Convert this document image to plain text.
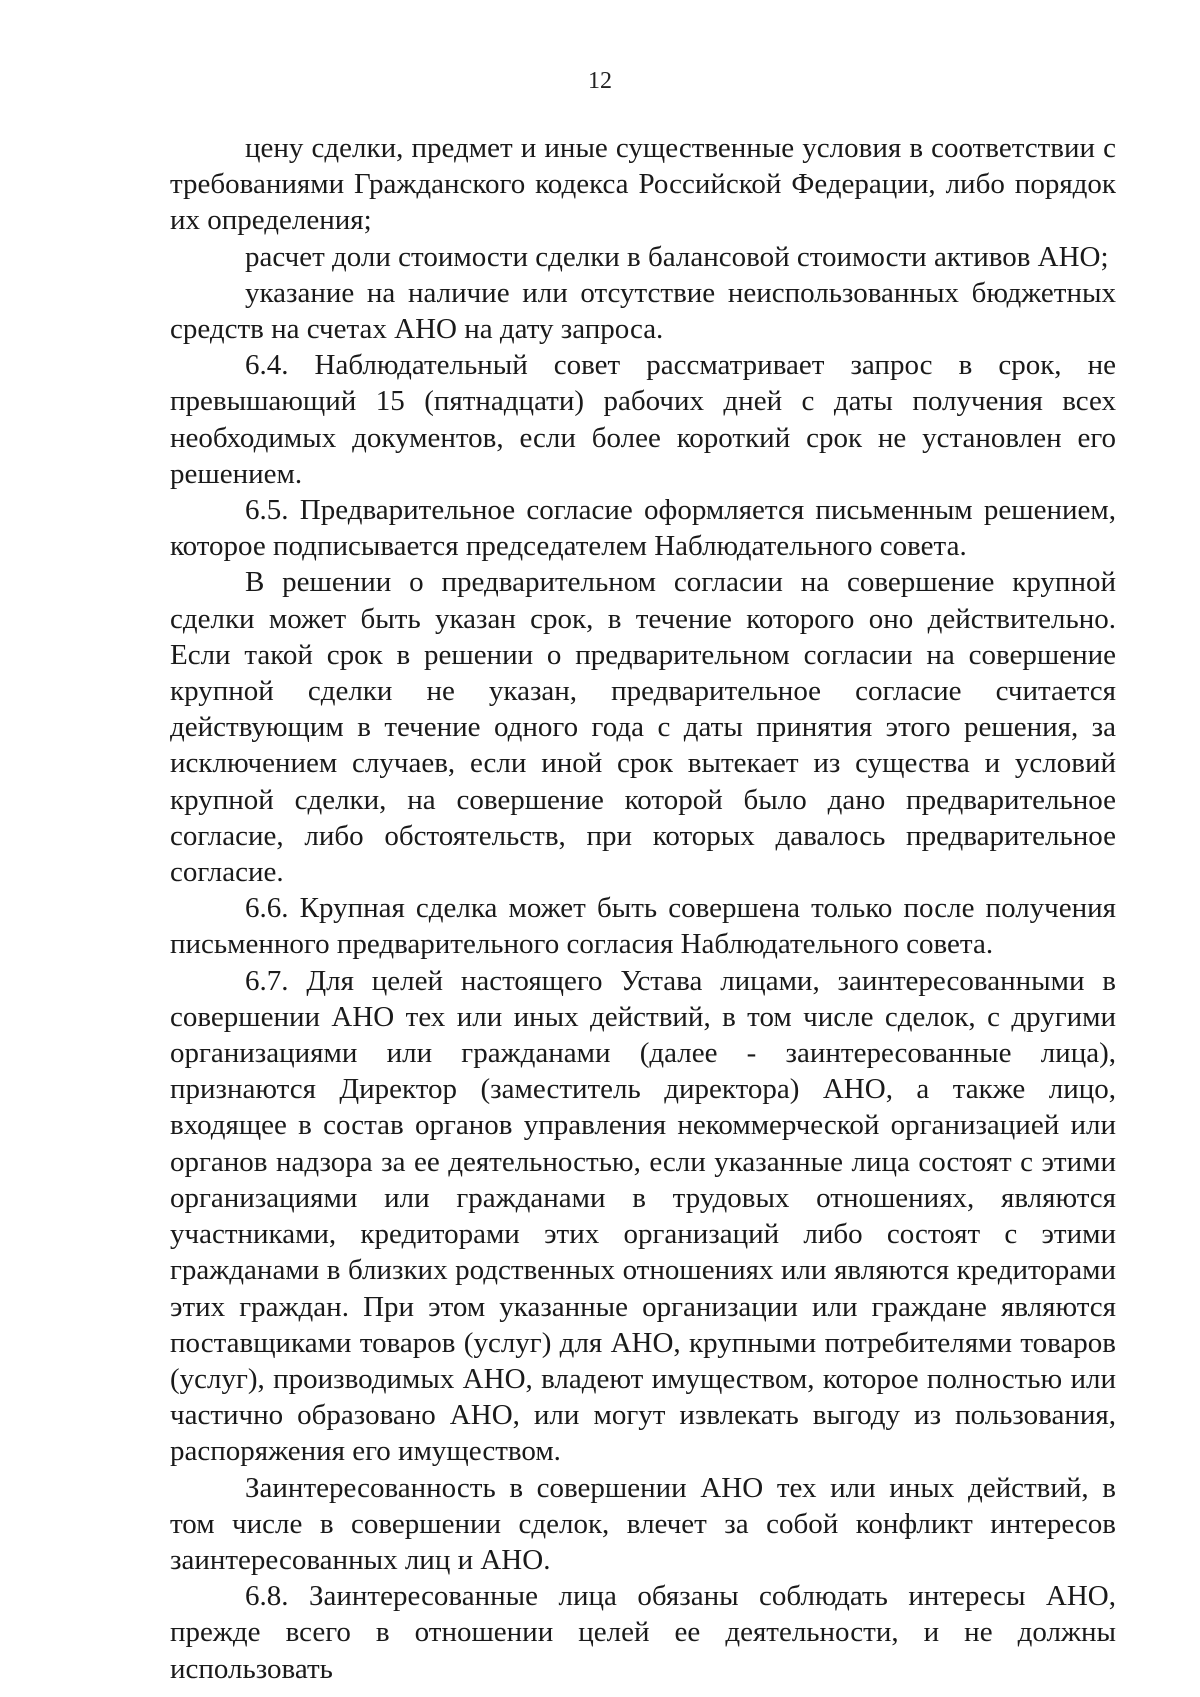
12

цену сделки, предмет и иные существенные условия в соответствии с требованиями Гражданского кодекса Российской Федерации, либо порядок их определения;

расчет доли стоимости сделки в балансовой стоимости активов АНО;

указание на наличие или отсутствие неиспользованных бюджетных средств на счетах АНО на дату запроса.

6.4. Наблюдательный совет рассматривает запрос в срок, не превышающий 15 (пятнадцати) рабочих дней с даты получения всех необходимых документов, если более короткий срок не установлен его решением.

6.5. Предварительное согласие оформляется письменным решением, которое подписывается председателем Наблюдательного совета.

В решении о предварительном согласии на совершение крупной сделки может быть указан срок, в течение которого оно действительно. Если такой срок в решении о предварительном согласии на совершение крупной сделки не указан, предварительное согласие считается действующим в течение одного года с даты принятия этого решения, за исключением случаев, если иной срок вытекает из существа и условий крупной сделки, на совершение которой было дано предварительное согласие, либо обстоятельств, при которых давалось предварительное согласие.

6.6. Крупная сделка может быть совершена только после получения письменного предварительного согласия Наблюдательного совета.

6.7. Для целей настоящего Устава лицами, заинтересованными в совершении АНО тех или иных действий, в том числе сделок, с другими организациями или гражданами (далее - заинтересованные лица), признаются Директор (заместитель директора) АНО, а также лицо, входящее в состав органов управления некоммерческой организацией или органов надзора за ее деятельностью, если указанные лица состоят с этими организациями или гражданами в трудовых отношениях, являются участниками, кредиторами этих организаций либо состоят с этими гражданами в близких родственных отношениях или являются кредиторами этих граждан. При этом указанные организации или граждане являются поставщиками товаров (услуг) для АНО, крупными потребителями товаров (услуг), производимых АНО, владеют имуществом, которое полностью или частично образовано АНО, или могут извлекать выгоду из пользования, распоряжения его имуществом.

Заинтересованность в совершении АНО тех или иных действий, в том числе в совершении сделок, влечет за собой конфликт интересов заинтересованных лиц и АНО.

6.8. Заинтересованные лица обязаны соблюдать интересы АНО, прежде всего в отношении целей ее деятельности, и не должны использовать
